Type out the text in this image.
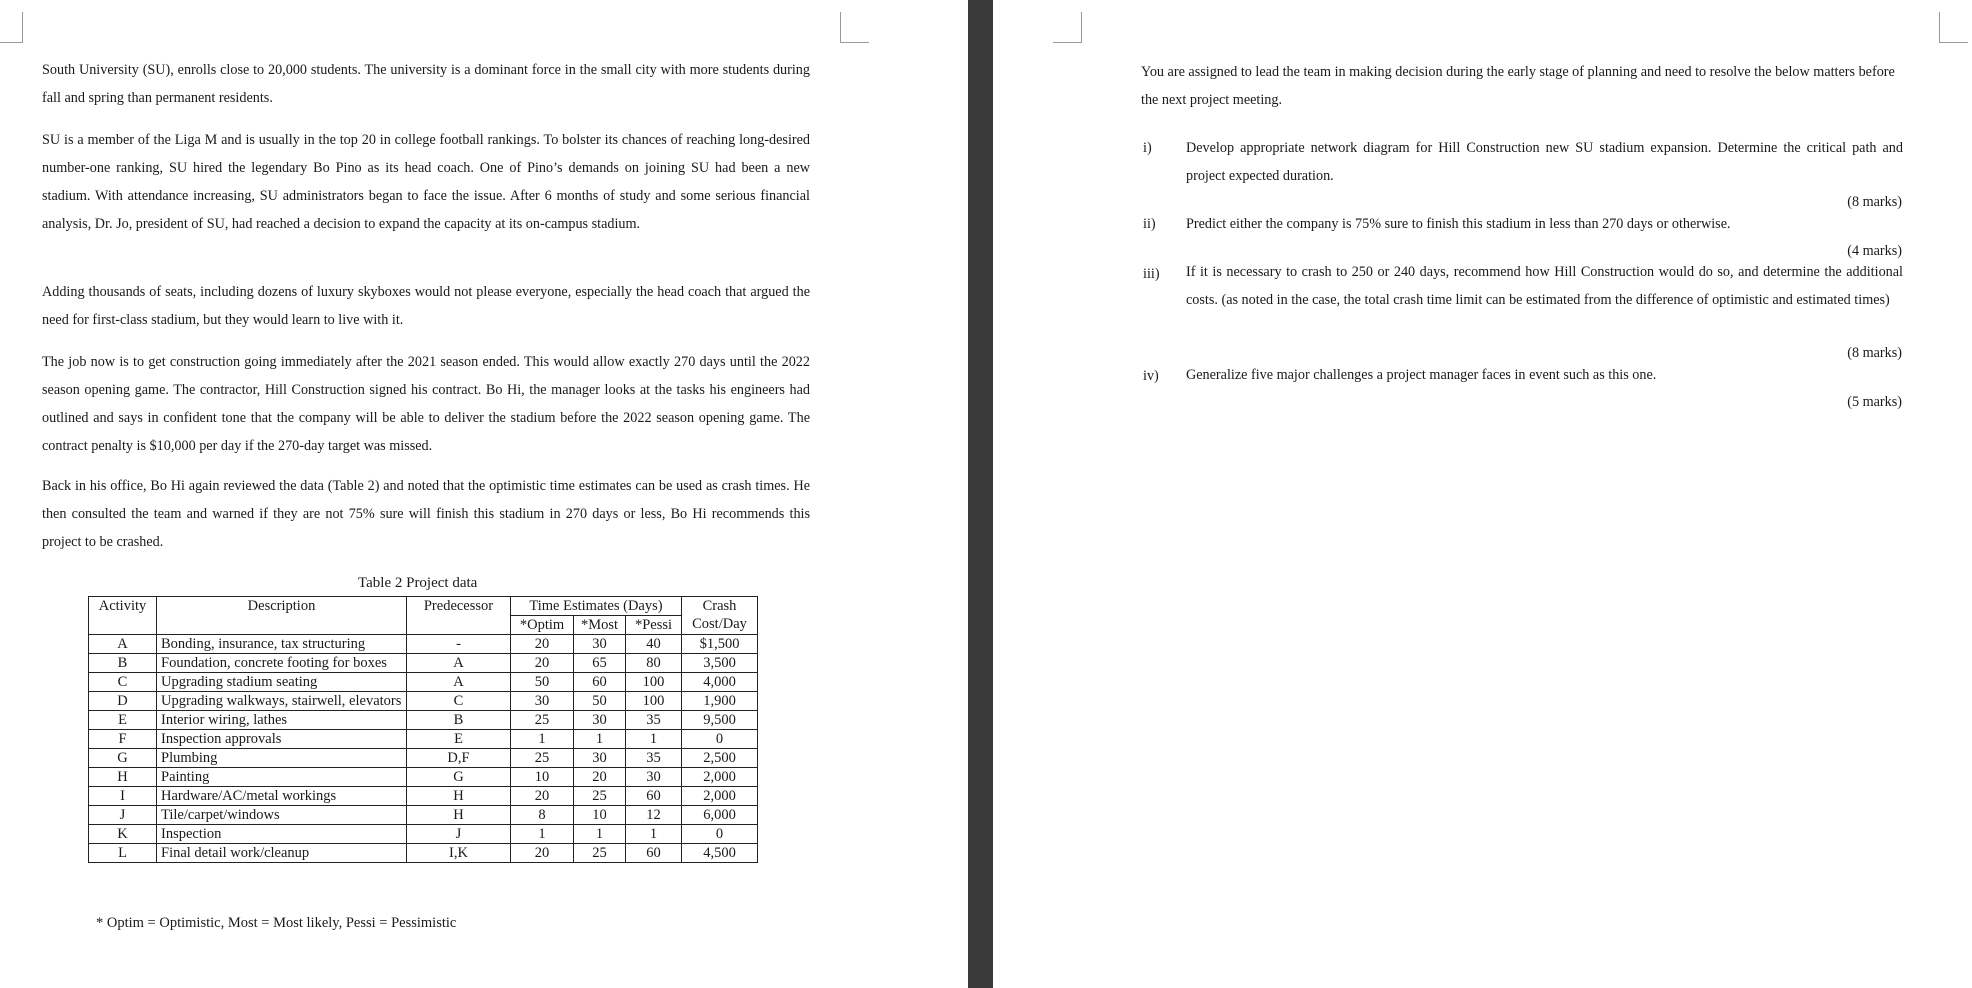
South University (SU), enrolls close to 20,000 students. The university is a dominant force in the small city with more students during fall and spring than permanent residents.

SU is a member of the Liga M and is usually in the top 20 in college football rankings. To bolster its chances of reaching long-desired number-one ranking, SU hired the legendary Bo Pino as its head coach. One of Pino’s demands on joining SU had been a new stadium. With attendance increasing, SU administrators began to face the issue. After 6 months of study and some serious financial analysis, Dr. Jo, president of SU, had reached a decision to expand the capacity at its on-campus stadium.

Adding thousands of seats, including dozens of luxury skyboxes would not please everyone, especially the head coach that argued the need for first-class stadium, but they would learn to live with it.

The job now is to get construction going immediately after the 2021 season ended. This would allow exactly 270 days until the 2022 season opening game. The contractor, Hill Construction signed his contract. Bo Hi, the manager looks at the tasks his engineers had outlined and says in confident tone that the company will be able to deliver the stadium before the 2022 season opening game. The contract penalty is $10,000 per day if the 270-day target was missed.

Back in his office, Bo Hi again reviewed the data (Table 2) and noted that the optimistic time estimates can be used as crash times. He then consulted the team and warned if they are not 75% sure will finish this stadium in 270 days or less, Bo Hi recommends this project to be crashed.

Table 2 Project data
Activity	Description	Predecessor	Time Estimates (Days)			Crash Cost/Day
			*Optim	*Most	*Pessi	
A	Bonding, insurance, tax structuring	-	20	30	40	$1,500
B	Foundation, concrete footing for boxes	A	20	65	80	3,500
C	Upgrading stadium seating	A	50	60	100	4,000
D	Upgrading walkways, stairwell, elevators	C	30	50	100	1,900
E	Interior wiring, lathes	B	25	30	35	9,500
F	Inspection approvals	E	1	1	1	0
G	Plumbing	D,F	25	30	35	2,500
H	Painting	G	10	20	30	2,000
I	Hardware/AC/metal workings	H	20	25	60	2,000
J	Tile/carpet/windows	H	8	10	12	6,000
K	Inspection	J	1	1	1	0
L	Final detail work/cleanup	I,K	20	25	60	4,500
* Optim = Optimistic, Most = Most likely, Pessi = Pessimistic

You are assigned to lead the team in making decision during the early stage of planning and need to resolve the below matters before the next project meeting.

i) Develop appropriate network diagram for Hill Construction new SU stadium expansion. Determine the critical path and project expected duration.

(8 marks)
ii) Predict either the company is 75% sure to finish this stadium in less than 270 days or otherwise.

(4 marks)
iii) If it is necessary to crash to 250 or 240 days, recommend how Hill Construction would do so, and determine the additional costs. (as noted in the case, the total crash time limit can be estimated from the difference of optimistic and estimated times)

(8 marks)
iv) Generalize five major challenges a project manager faces in event such as this one.

(5 marks)
